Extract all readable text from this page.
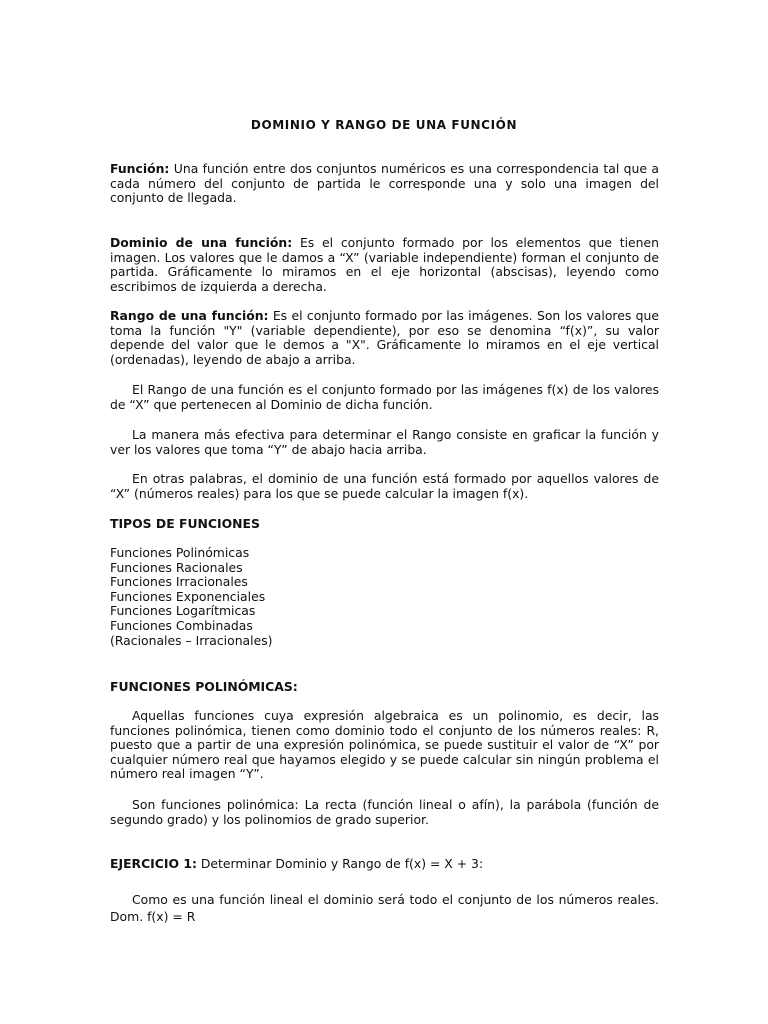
DOMINIO Y RANGO DE UNA FUNCIÓN

Función: Una función entre dos conjuntos numéricos es una correspondencia tal que a cada número del conjunto de partida le corresponde una y solo una imagen del conjunto de llegada.

Dominio de una función: Es el conjunto formado por los elementos que tienen imagen. Los valores que le damos a “X” (variable independiente) forman el conjunto de partida. Gráficamente lo miramos en el eje horizontal (abscisas), leyendo como escribimos de izquierda a derecha.

Rango de una función: Es el conjunto formado por las imágenes. Son los valores que toma la función "Y" (variable dependiente), por eso se denomina “f(x)”, su valor depende del valor que le demos a "X". Gráficamente lo miramos en el eje vertical (ordenadas), leyendo de abajo a arriba.

El Rango de una función es el conjunto formado por las imágenes f(x) de los valores de “X” que pertenecen al Dominio de dicha función.

La manera más efectiva para determinar el Rango consiste en graficar la función y ver los valores que toma “Y” de abajo hacia arriba.

En otras palabras, el dominio de una función está formado por aquellos valores de “X” (números reales) para los que se puede calcular la imagen f(x).

TIPOS DE FUNCIONES

Funciones Polinómicas
Funciones Racionales
Funciones Irracionales
Funciones Exponenciales
Funciones Logarítmicas
Funciones Combinadas
(Racionales – Irracionales)

FUNCIONES POLINÓMICAS:

Aquellas funciones cuya expresión algebraica es un polinomio, es decir, las funciones polinómica, tienen como dominio todo el conjunto de los números reales: R, puesto que a partir de una expresión polinómica, se puede sustituir el valor de “X” por cualquier número real que hayamos elegido y se puede calcular sin ningún problema el número real imagen “Y”.

Son funciones polinómica: La recta (función lineal o afín), la parábola (función de segundo grado) y los polinomios de grado superior.

EJERCICIO 1: Determinar Dominio y Rango de f(x) = X + 3:

Como es una función lineal el dominio será todo el conjunto de los números reales. Dom. f(x) = R
